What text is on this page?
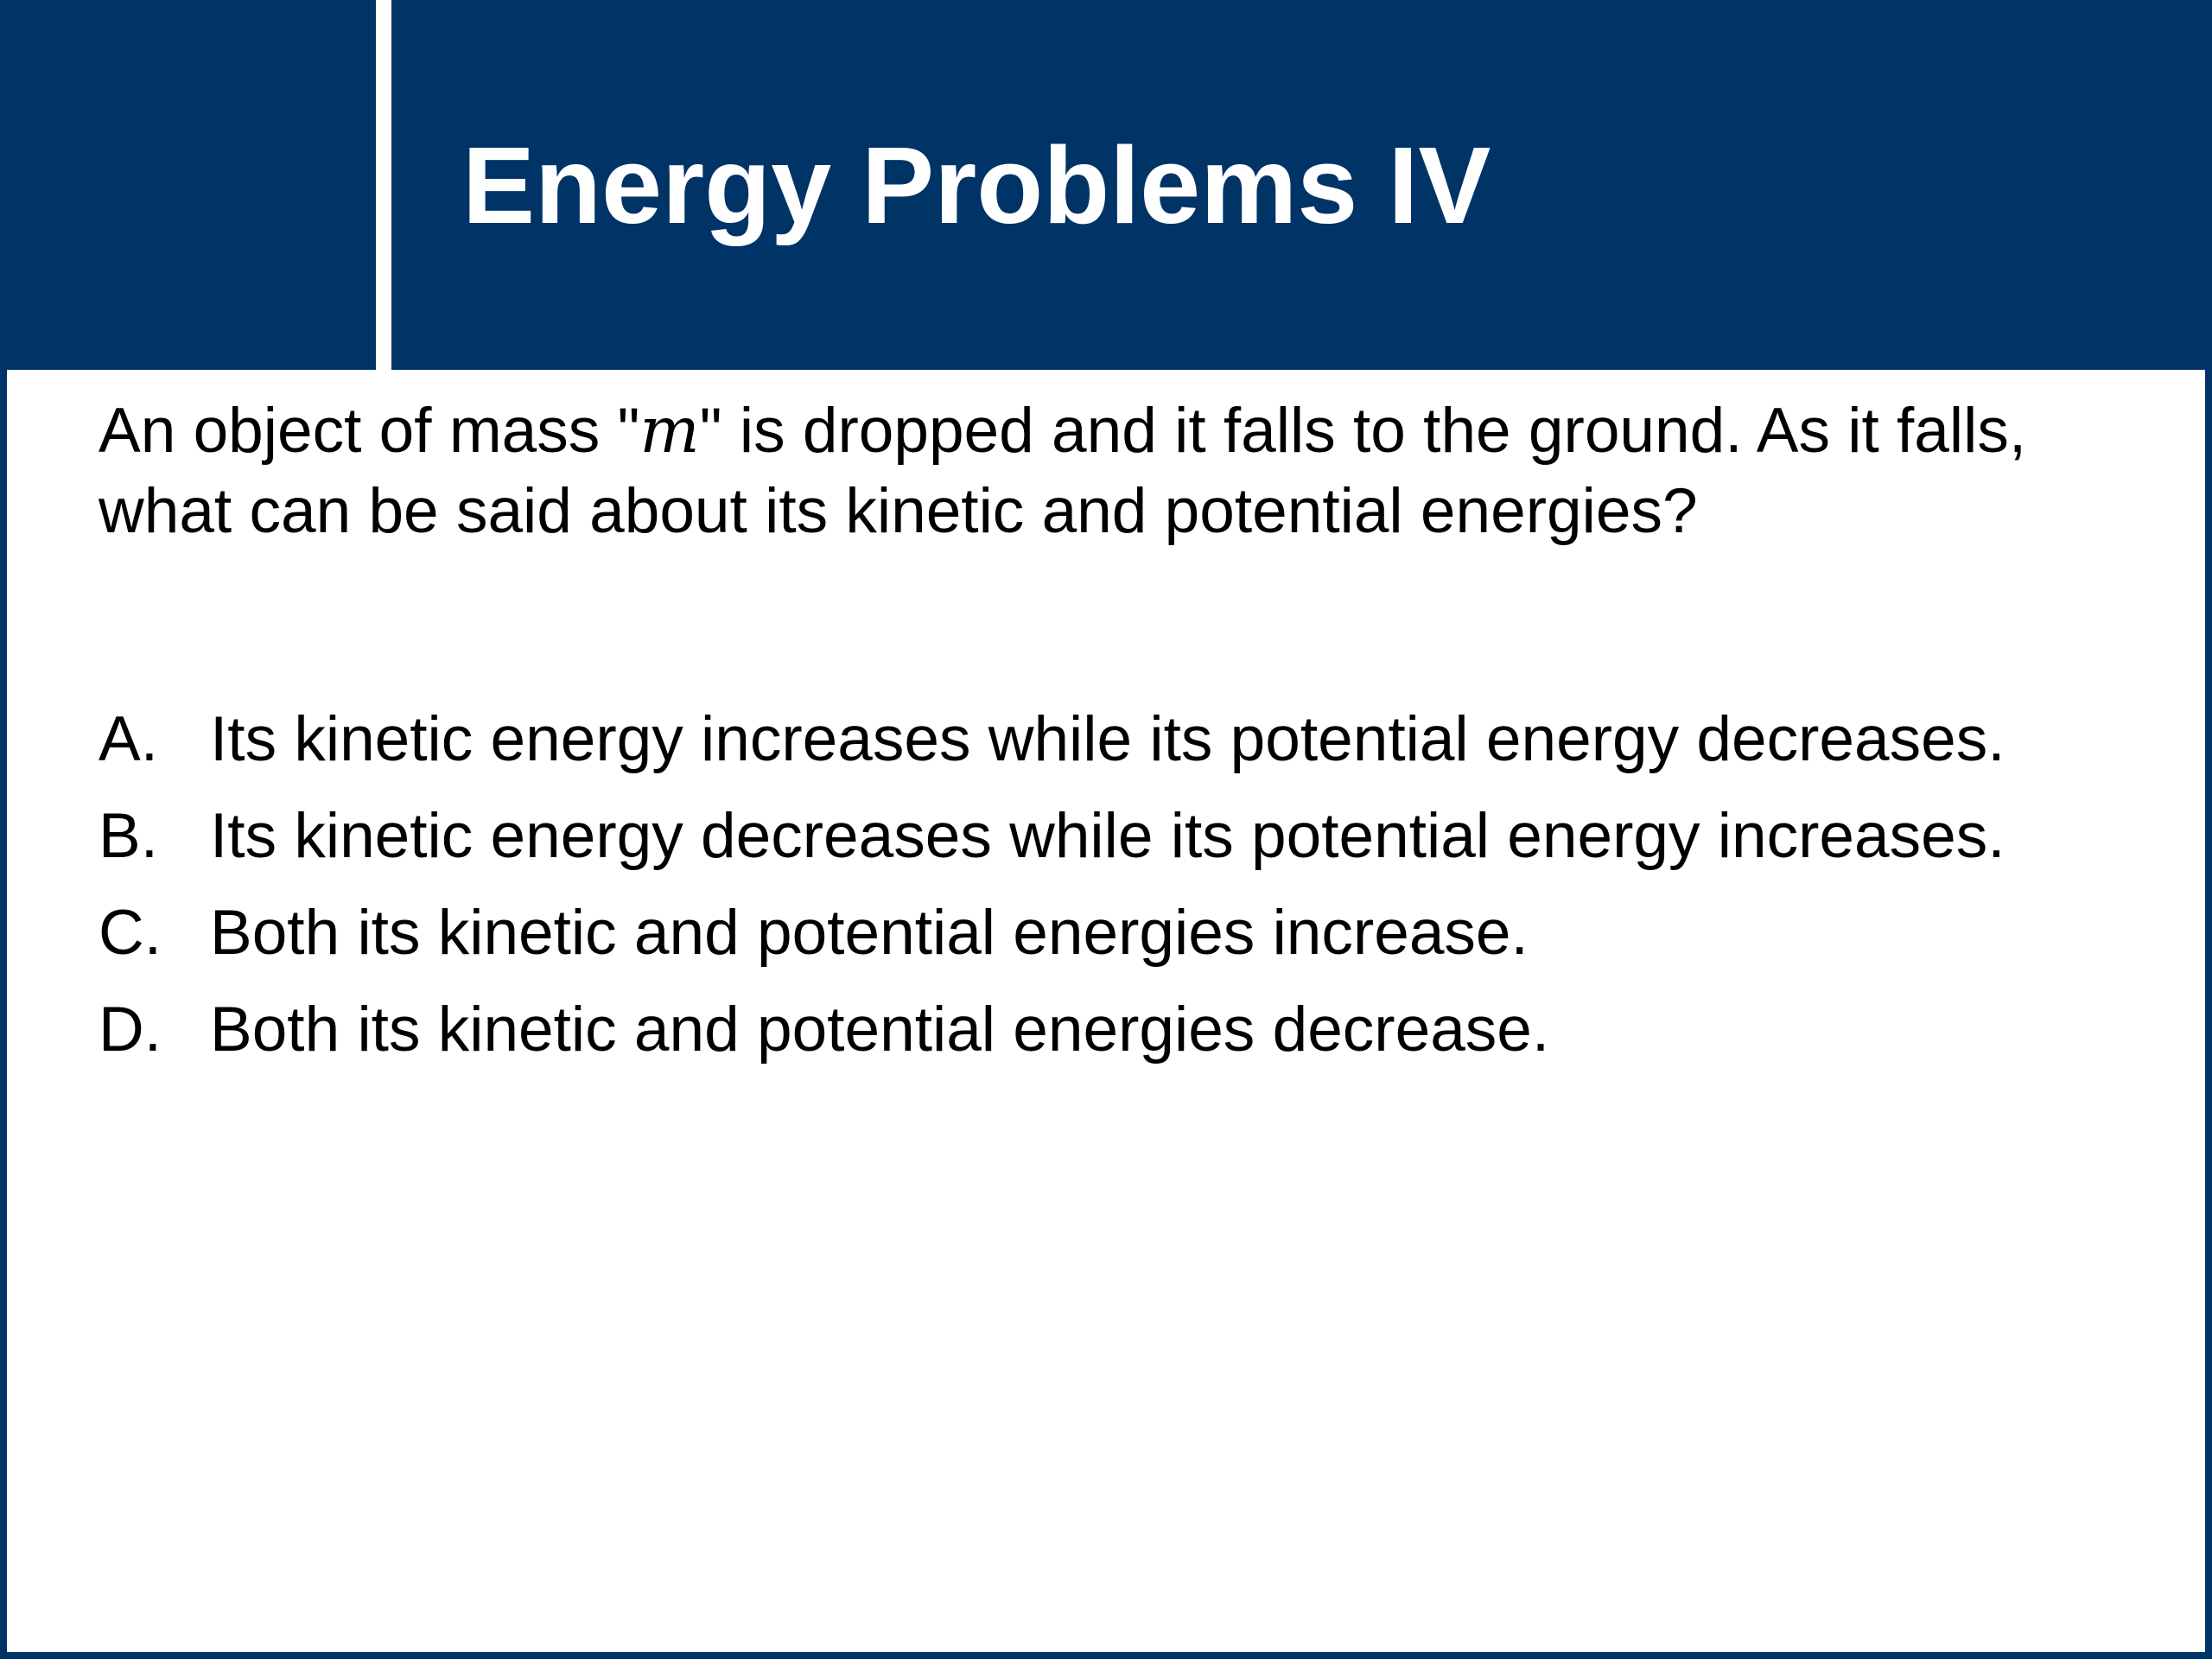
Energy Problems IV

An object of mass "m" is dropped and it falls to the ground. As it falls, what can be said about its kinetic and potential energies?

A. Its kinetic energy increases while its potential energy decreases.
B. Its kinetic energy decreases while its potential energy increases.
C. Both its kinetic and potential energies increase.
D. Both its kinetic and potential energies decrease.
